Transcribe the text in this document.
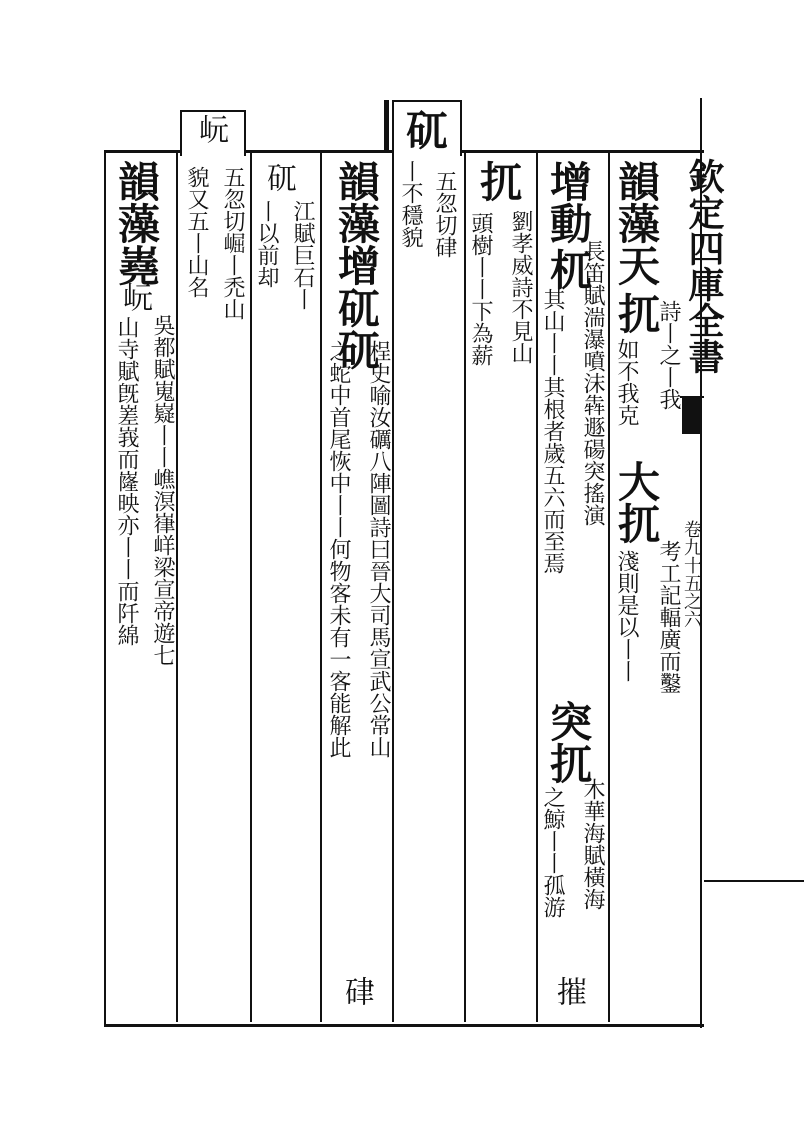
欽定四庫全書
卷九十五之六
韻藻天
扤
詩丨之丨我
如不我克
大扤
考工記輻廣而鑿
淺則是以丨丨
增動
杌
長笛賦湍瀑噴沫犇遯碭突搖演
其山丨丨其根者歲五六而至焉
突扤
木華海賦橫海
之鯨丨丨孤游
摧
扤
劉孝威詩不見山
頭樹丨丨下為薪
矹
五忽切硉
丨不穩貌
韻藻增矹矹
桯史喻汝礪八陣圖詩曰晉大司馬宣武公常山
之蛇中首尾恢中丨丨何物客未有一客能解此
硉
矹
江賦巨石丨
丨以前却
岏
五忽切崛丨禿山
貌又五丨山名
韻藻嶤
岏
吳都賦嵬嶷丨丨嶕溟嵂㟄梁宣帝遊七
山寺賦旣嵳峩而嶐映亦丨丨而阡綿
